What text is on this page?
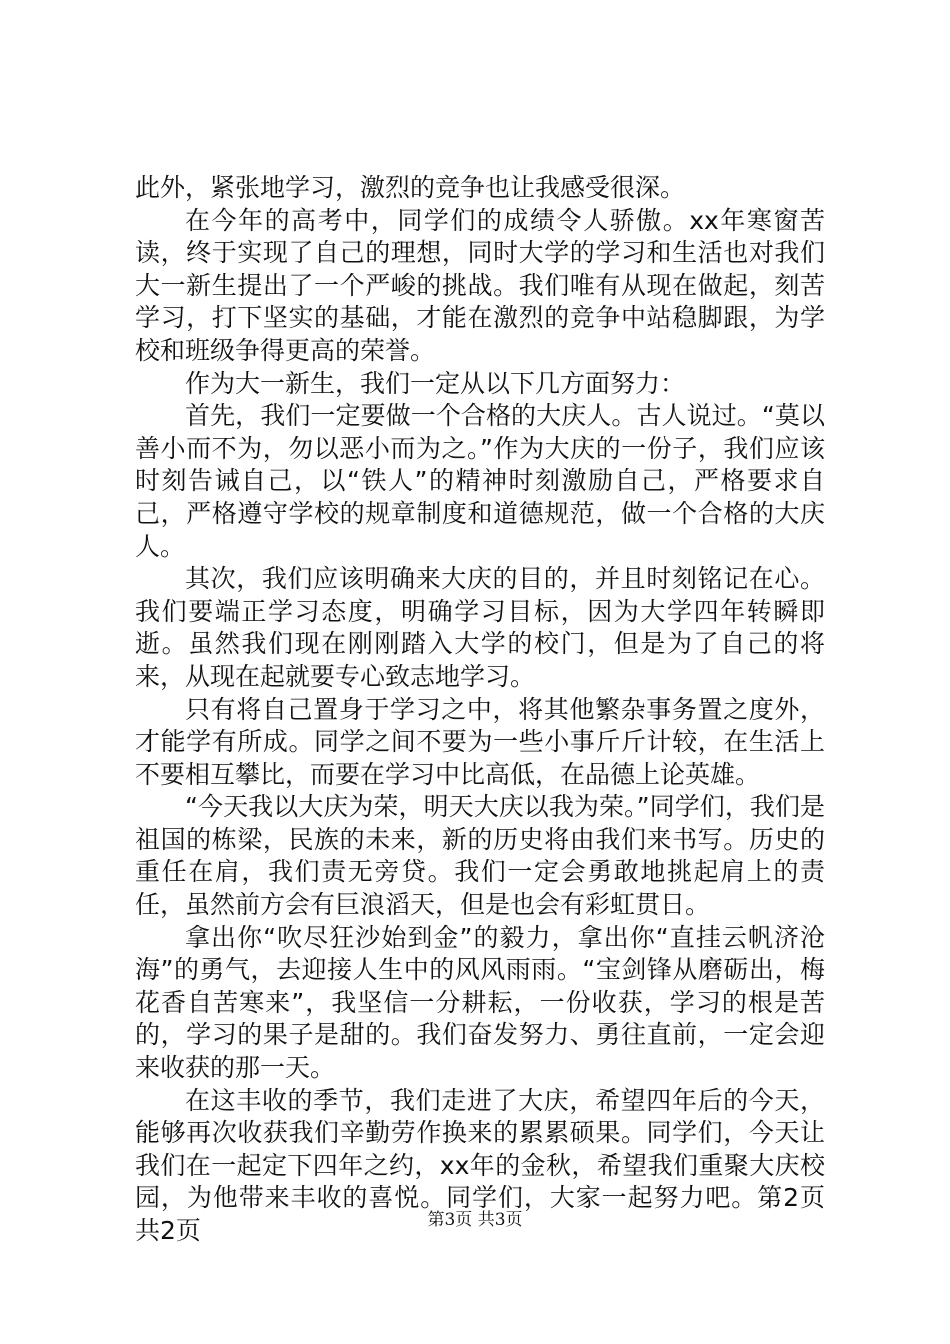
此外，紧张地学习，激烈的竞争也让我感受很深。

在今年的高考中，同学们的成绩令人骄傲。xx年寒窗苦读，终于实现了自己的理想，同时大学的学习和生活也对我们大一新生提出了一个严峻的挑战。我们唯有从现在做起，刻苦学习，打下坚实的基础，才能在激烈的竞争中站稳脚跟，为学校和班级争得更高的荣誉。

作为大一新生，我们一定从以下几方面努力：

首先，我们一定要做一个合格的大庆人。古人说过。“莫以善小而不为，勿以恶小而为之。”作为大庆的一份子，我们应该时刻告诫自己，以“铁人”的精神时刻激励自己，严格要求自己，严格遵守学校的规章制度和道德规范，做一个合格的大庆人。

其次，我们应该明确来大庆的目的，并且时刻铭记在心。我们要端正学习态度，明确学习目标，因为大学四年转瞬即逝。虽然我们现在刚刚踏入大学的校门，但是为了自己的将来，从现在起就要专心致志地学习。

只有将自己置身于学习之中，将其他繁杂事务置之度外，才能学有所成。同学之间不要为一些小事斤斤计较，在生活上不要相互攀比，而要在学习中比高低，在品德上论英雄。

“今天我以大庆为荣，明天大庆以我为荣。”同学们，我们是祖国的栋梁，民族的未来，新的历史将由我们来书写。历史的重任在肩，我们责无旁贷。我们一定会勇敢地挑起肩上的责任，虽然前方会有巨浪滔天，但是也会有彩虹贯日。

拿出你“吹尽狂沙始到金”的毅力，拿出你“直挂云帆济沧海”的勇气，去迎接人生中的风风雨雨。“宝剑锋从磨砺出，梅花香自苦寒来”，我坚信一分耕耘，一份收获，学习的根是苦的，学习的果子是甜的。我们奋发努力、勇往直前，一定会迎来收获的那一天。

在这丰收的季节，我们走进了大庆，希望四年后的今天，能够再次收获我们辛勤劳作换来的累累硕果。同学们，今天让我们在一起定下四年之约，xx年的金秋，希望我们重聚大庆校园，为他带来丰收的喜悦。同学们，大家一起努力吧。第2页共2页	第3页 共3页
